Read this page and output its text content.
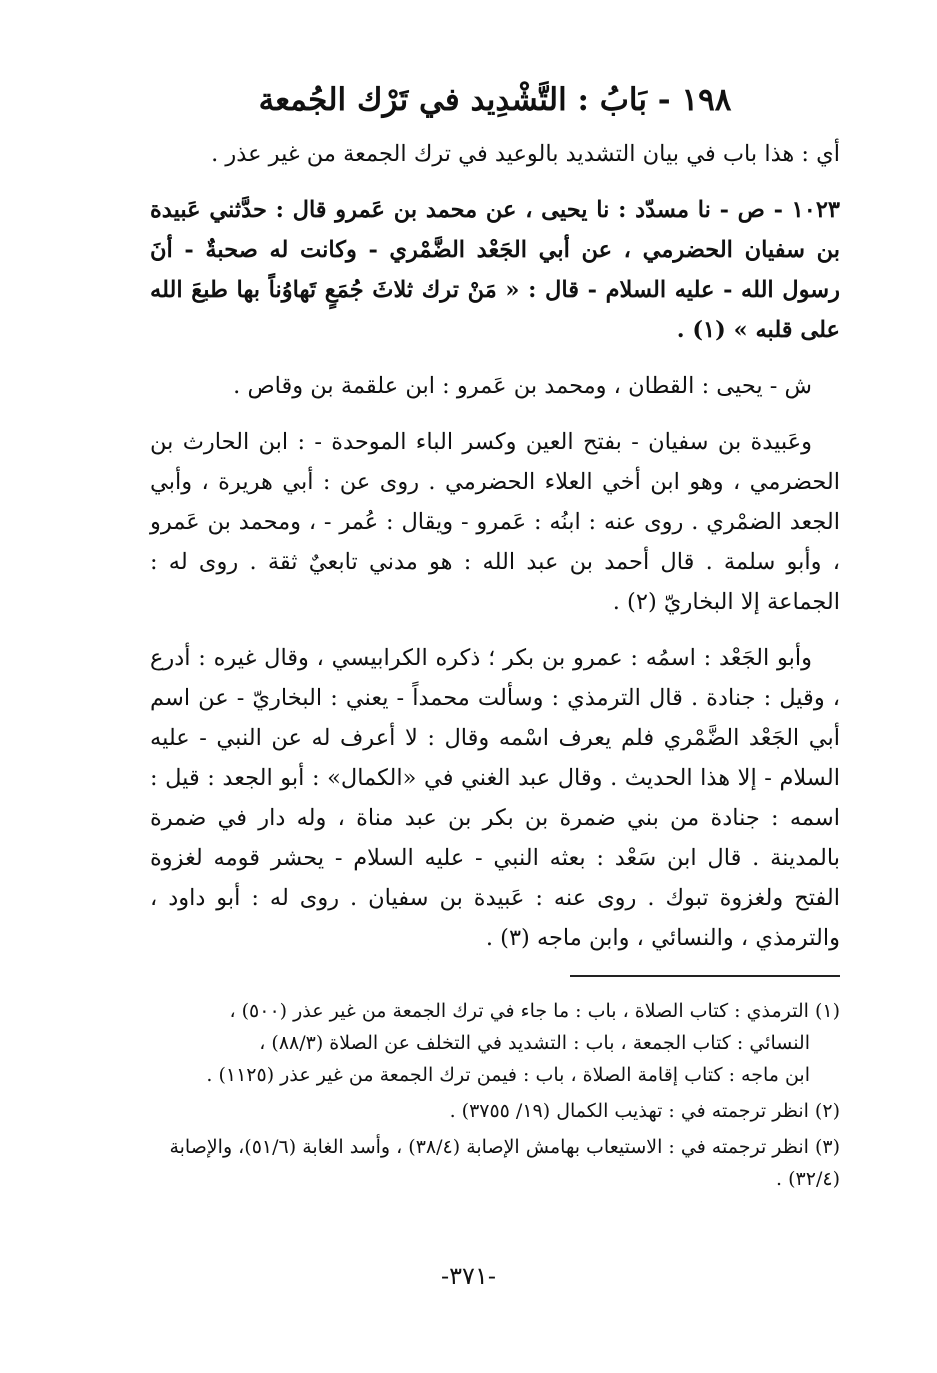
١٩٨ - بَابُ : التَّشْدِيد في تَرْك الجُمعة

أي : هذا باب في بيان التشديد بالوعيد في ترك الجمعة من غير عذر .

١٠٢٣ - ص - نا مسدّد : نا يحيى ، عن محمد بن عَمرو قال : حدَّثني عَبيدة بن سفيان الحضرمي ، عن أبي الجَعْد الضَّمْري - وكانت له صحبةٌ - أنَ رسول الله - عليه السلام - قال : « مَنْ ترك ثلاثَ جُمَعٍ تَهاوُناً بها طبعَ الله على قلبه » (١) .

ش - يحيى : القطان ، ومحمد بن عَمرو : ابن علقمة بن وقاص .

وعَبيدة بن سفيان - بفتح العين وكسر الباء الموحدة - : ابن الحارث بن الحضرمي ، وهو ابن أخي العلاء الحضرمي . روى عن : أبي هريرة ، وأبي الجعد الضمْري . روى عنه : ابنُه : عَمرو - ويقال : عُمر - ، ومحمد بن عَمرو ، وأبو سلمة . قال أحمد بن عبد الله : هو مدني تابعيٌ ثقة . روى له : الجماعة إلا البخاريّ (٢) .

وأبو الجَعْد : اسمُه : عمرو بن بكر ؛ ذكره الكرابيسي ، وقال غيره : أدرع ، وقيل : جنادة . قال الترمذي : وسألت محمداً - يعني : البخاريّ - عن اسم أبي الجَعْد الضَّمْري فلم يعرف اسْمه وقال : لا أعرف له عن النبي - عليه السلام - إلا هذا الحديث . وقال عبد الغني في «الكمال» : أبو الجعد : قيل : اسمه : جنادة من بني ضمرة بن بكر بن عبد مناة ، وله دار في ضمرة بالمدينة . قال ابن سَعْد : بعثه النبي - عليه السلام - يحشر قومه لغزوة الفتح ولغزوة تبوك . روى عنه : عَبيدة بن سفيان . روى له : أبو داود ، والترمذي ، والنسائي ، وابن ماجه (٣) .

(١) الترمذي : كتاب الصلاة ، باب : ما جاء في ترك الجمعة من غير عذر (٥٠٠) ،
النسائي : كتاب الجمعة ، باب : التشديد في التخلف عن الصلاة (٨٨/٣) ،
ابن ماجه : كتاب إقامة الصلاة ، باب : فيمن ترك الجمعة من غير عذر (١١٢٥) .
(٢) انظر ترجمته في : تهذيب الكمال (١٩/ ٣٧٥٥) .
(٣) انظر ترجمته في : الاستيعاب بهامش الإصابة (٣٨/٤) ، وأسد الغابة (٥١/٦)، والإصابة (٣٢/٤) .
-٣٧١-
